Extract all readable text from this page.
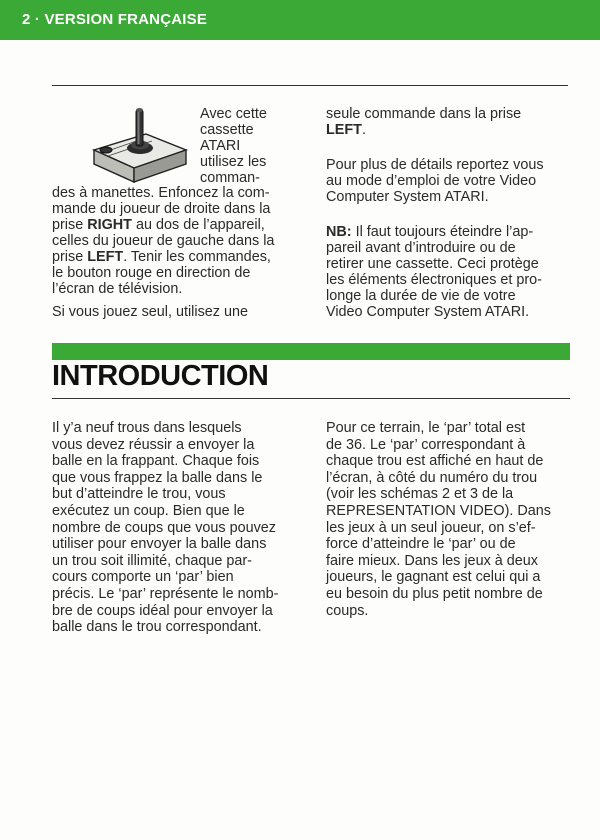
2 · VERSION FRANÇAISE
Avec cette
cassette
ATARI
utilisez les
comman-
des à manettes. Enfoncez la com-
mande du joueur de droite dans la
prise RIGHT au dos de l’appareil,
celles du joueur de gauche dans la
prise LEFT. Tenir les commandes,
le bouton rouge en direction de
l’écran de télévision.
Si vous jouez seul, utilisez une
seule commande dans la prise
LEFT.
Pour plus de détails reportez vous
au mode d’emploi de votre Video
Computer System ATARI.
NB: Il faut toujours éteindre l’ap-
pareil avant d’introduire ou de
retirer une cassette. Ceci protège
les éléments électroniques et pro-
longe la durée de vie de votre
Video Computer System ATARI.
INTRODUCTION
Il y’a neuf trous dans lesquels
vous devez réussir a envoyer la
balle en la frappant. Chaque fois
que vous frappez la balle dans le
but d’atteindre le trou, vous
exécutez un coup. Bien que le
nombre de coups que vous pouvez
utiliser pour envoyer la balle dans
un trou soit illimité, chaque par-
cours comporte un ‘par’ bien
précis. Le ‘par’ représente le nomb-
bre de coups idéal pour envoyer la
balle dans le trou correspondant.
Pour ce terrain, le ‘par’ total est
de 36. Le ‘par’ correspondant à
chaque trou est affiché en haut de
l’écran, à côté du numéro du trou
(voir les schémas 2 et 3 de la
REPRESENTATION VIDEO). Dans
les jeux à un seul joueur, on s’ef-
force d’atteindre le ‘par’ ou de
faire mieux. Dans les jeux à deux
joueurs, le gagnant est celui qui a
eu besoin du plus petit nombre de
coups.
